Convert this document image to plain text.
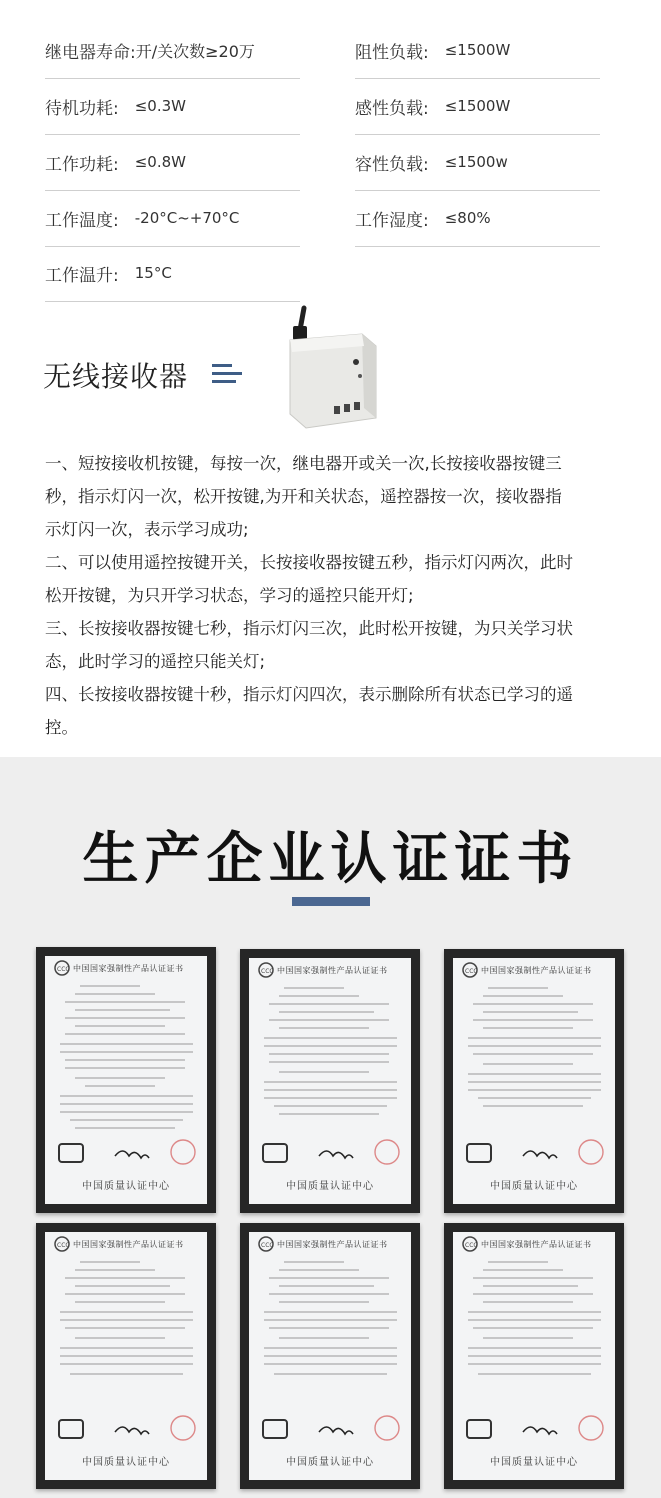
继电器寿命: 开/关次数≥20万	阻性负载: ≤1500W
待机功耗: ≤0.3W	感性负载: ≤1500W
工作功耗: ≤0.8W	容性负载: ≤1500w
工作温度: -20°C~+70°C	工作湿度: ≤80%
工作温升: 15°C
无线接收器
一、短按接收机按键，每按一次，继电器开或关一次,长按接收器按键三
秒，指示灯闪一次，松开按键,为开和关状态，遥控器按一次，接收器指
示灯闪一次，表示学习成功;
二、可以使用遥控按键开关，长按接收器按键五秒，指示灯闪两次，此时
松开按键，为只开学习状态，学习的遥控只能开灯;
三、长按接收器按键七秒，指示灯闪三次，此时松开按键，为只关学习状
态，此时学习的遥控只能关灯;
四、长按接收器按键十秒，指示灯闪四次，表示删除所有状态已学习的遥
控。
生产企业认证证书
CCC 中国国家强制性产品认证证书
中国质量认证中心
CCC 中国国家强制性产品认证证书
中国质量认证中心
CCC 中国国家强制性产品认证证书
中国质量认证中心
CCC 中国国家强制性产品认证证书
中国质量认证中心
CCC 中国国家强制性产品认证证书
中国质量认证中心
CCC 中国国家强制性产品认证证书
中国质量认证中心
